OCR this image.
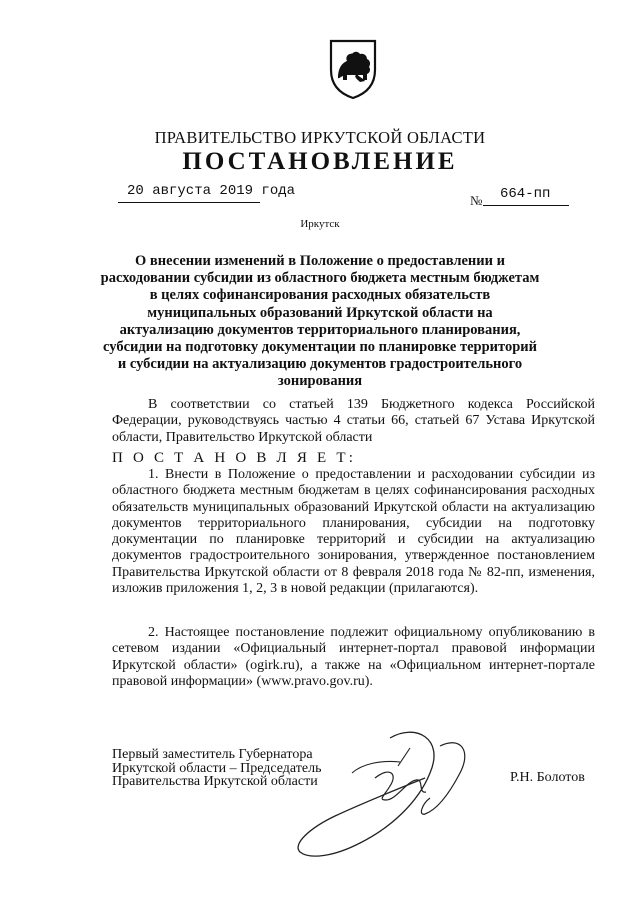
ПРАВИТЕЛЬСТВО ИРКУТСКОЙ ОБЛАСТИ
ПОСТАНОВЛЕНИЕ
20 августа 2019 года
№ 664-пп
Иркутск
О внесении изменений в Положение о предоставлении и расходовании субсидии из областного бюджета местным бюджетам в целях софинансирования расходных обязательств муниципальных образований Иркутской области на актуализацию документов территориального планирования, субсидии на подготовку документации по планировке территорий и субсидии на актуализацию документов градостроительного зонирования
В соответствии со статьей 139 Бюджетного кодекса Российской Федерации, руководствуясь частью 4 статьи 66, статьей 67 Устава Иркутской области, Правительство Иркутской области
П О С Т А Н О В Л Я Е Т:
1. Внести в Положение о предоставлении и расходовании субсидии из областного бюджета местным бюджетам в целях софинансирования расходных обязательств муниципальных образований Иркутской области на актуализацию документов территориального планирования, субсидии на подготовку документации по планировке территорий и субсидии на актуализацию документов градостроительного зонирования, утвержденное постановлением Правительства Иркутской области от 8 февраля 2018 года № 82-пп, изменения, изложив приложения 1, 2, 3 в новой редакции (прилагаются).
2. Настоящее постановление подлежит официальному опубликованию в сетевом издании «Официальный интернет-портал правовой информации Иркутской области» (ogirk.ru), а также на «Официальном интернет-портале правовой информации» (www.pravo.gov.ru).
Первый заместитель Губернатора
Иркутской области – Председатель
Правительства Иркутской области	Р.Н. Болотов
